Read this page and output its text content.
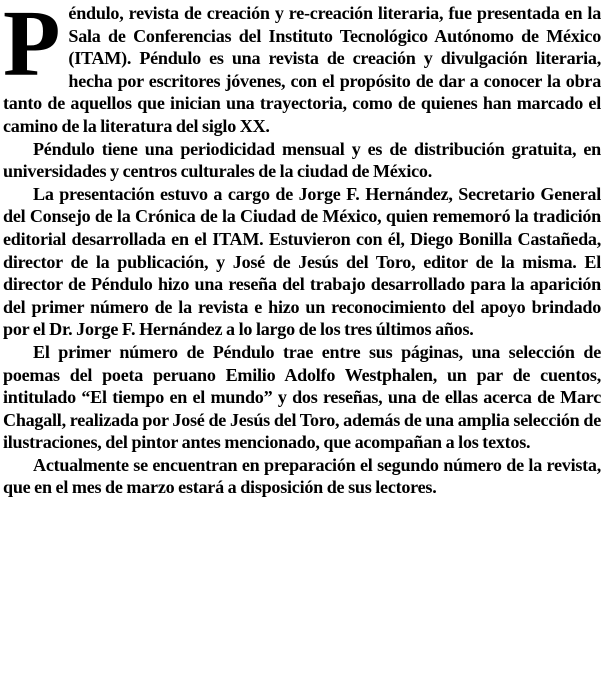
Péndulo, revista de creación y re-creación literaria, fue presentada en la Sala de Conferencias del Instituto Tecnológico Autónomo de México (ITAM). Péndulo es una revista de creación y divulgación literaria, hecha por escritores jóvenes, con el propósito de dar a conocer la obra tanto de aquellos que inician una trayectoria, como de quienes han marcado el camino de la literatura del siglo XX.

Péndulo tiene una periodicidad mensual y es de distribución gratuita, en universidades y centros culturales de la ciudad de México.

La presentación estuvo a cargo de Jorge F. Hernández, Secretario General del Consejo de la Crónica de la Ciudad de México, quien rememoró la tradición editorial desarrollada en el ITAM. Estuvieron con él, Diego Bonilla Castañeda, director de la publicación, y José de Jesús del Toro, editor de la misma. El director de Péndulo hizo una reseña del trabajo desarrollado para la aparición del primer número de la revista e hizo un reconocimiento del apoyo brindado por el Dr. Jorge F. Hernández a lo largo de los tres últimos años.

El primer número de Péndulo trae entre sus páginas, una selección de poemas del poeta peruano Emilio Adolfo Westphalen, un par de cuentos, intitulado “El tiempo en el mundo” y dos reseñas, una de ellas acerca de Marc Chagall, realizada por José de Jesús del Toro, además de una amplia selección de ilustraciones, del pintor antes mencionado, que acompañan a los textos.

Actualmente se encuentran en preparación el segundo número de la revista, que en el mes de marzo estará a disposición de sus lectores.
